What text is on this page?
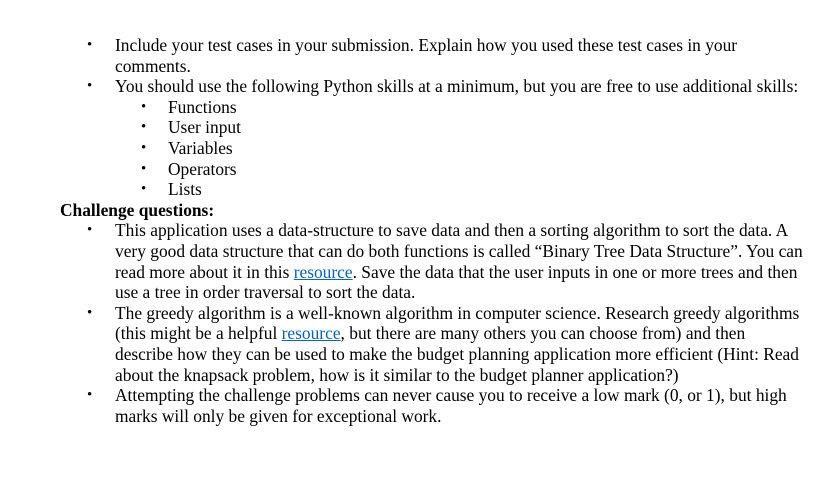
• Include your test cases in your submission. Explain how you used these test cases in your comments.
• You should use the following Python skills at a minimum, but you are free to use additional skills:
• Functions
• User input
• Variables
• Operators
• Lists
Challenge questions:
• This application uses a data-structure to save data and then a sorting algorithm to sort the data. A very good data structure that can do both functions is called “Binary Tree Data Structure”. You can read more about it in this resource. Save the data that the user inputs in one or more trees and then use a tree in order traversal to sort the data.
• The greedy algorithm is a well-known algorithm in computer science. Research greedy algorithms (this might be a helpful resource, but there are many others you can choose from) and then describe how they can be used to make the budget planning application more efficient (Hint: Read about the knapsack problem, how is it similar to the budget planner application?)
• Attempting the challenge problems can never cause you to receive a low mark (0, or 1), but high marks will only be given for exceptional work.
